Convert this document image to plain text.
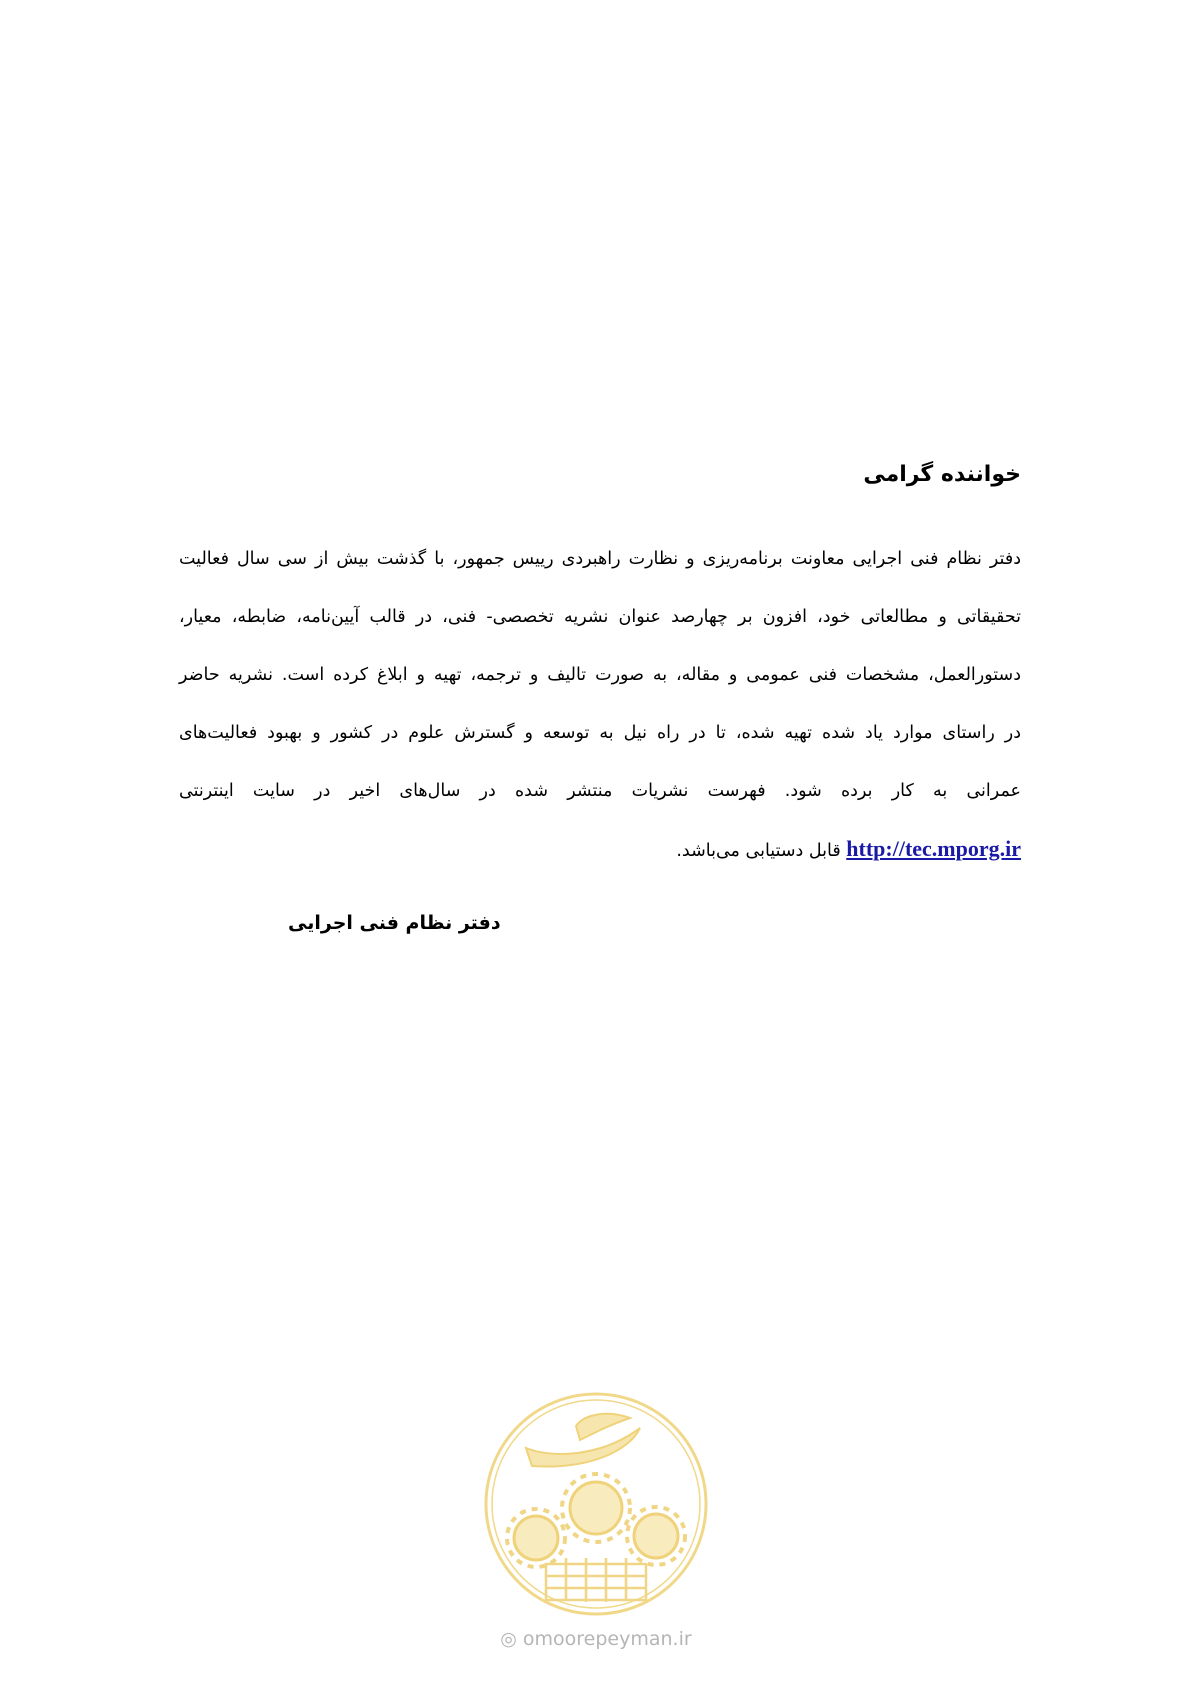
خواننده گرامی
دفتر نظام فنی اجرایی معاونت برنامه‌ریزی و نظارت راهبردی رییس جمهور، با گذشت بیش از سی سال فعالیت
تحقیقاتی و مطالعاتی خود، افزون بر چهارصد عنوان نشریه تخصصی- فنی، در قالب آیین‌نامه، ضابطه، معیار،
دستورالعمل، مشخصات فنی عمومی و مقاله، به صورت تالیف و ترجمه، تهیه و ابلاغ کرده است. نشریه حاضر
در راستای موارد یاد شده تهیه شده، تا در راه نیل به توسعه و گسترش علوم در کشور و بهبود فعالیت‌های
عمرانی به کار برده شود. فهرست نشریات منتشر شده در سال‌های اخیر در سایت اینترنتی
http://tec.mporg.ir قابل دستیابی می‌باشد.
دفتر نظام فنی اجرایی
◎ omoorepeyman.ir
